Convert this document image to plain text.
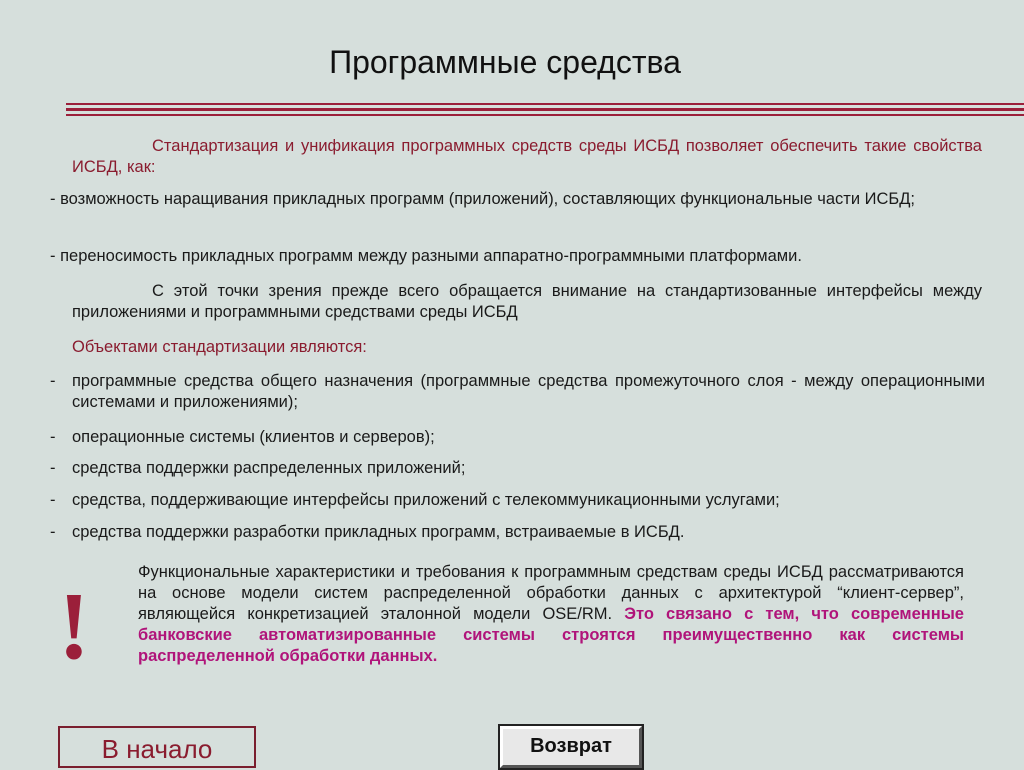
Программные средства
Стандартизация и унификация программных средств среды ИСБД позволяет обеспечить такие свойства ИСБД, как:
- возможность наращивания прикладных программ (приложений), составляющих функциональные части ИСБД;
- переносимость прикладных программ между разными аппаратно-программными платформами.
С этой точки зрения прежде всего обращается внимание на стандартизованные интерфейсы между приложениями и программными средствами среды ИСБД
Объектами стандартизации являются:
- программные средства общего назначения (программные средства промежуточного слоя - между операционными системами и приложениями);
- операционные системы (клиентов и серверов);
- средства поддержки распределенных приложений;
- средства, поддерживающие интерфейсы приложений с телекоммуникационными услугами;
- средства поддержки разработки прикладных программ, встраиваемые в ИСБД.
!	Функциональные характеристики и требования к программным средствам среды ИСБД рассматриваются на основе модели систем распределенной обработки данных с архитектурой “клиент-сервер”, являющейся конкретизацией эталонной модели OSE/RM. Это связано с тем, что современные банковские автоматизированные системы строятся преимущественно как системы распределенной обработки данных.
В начало	Возврат
